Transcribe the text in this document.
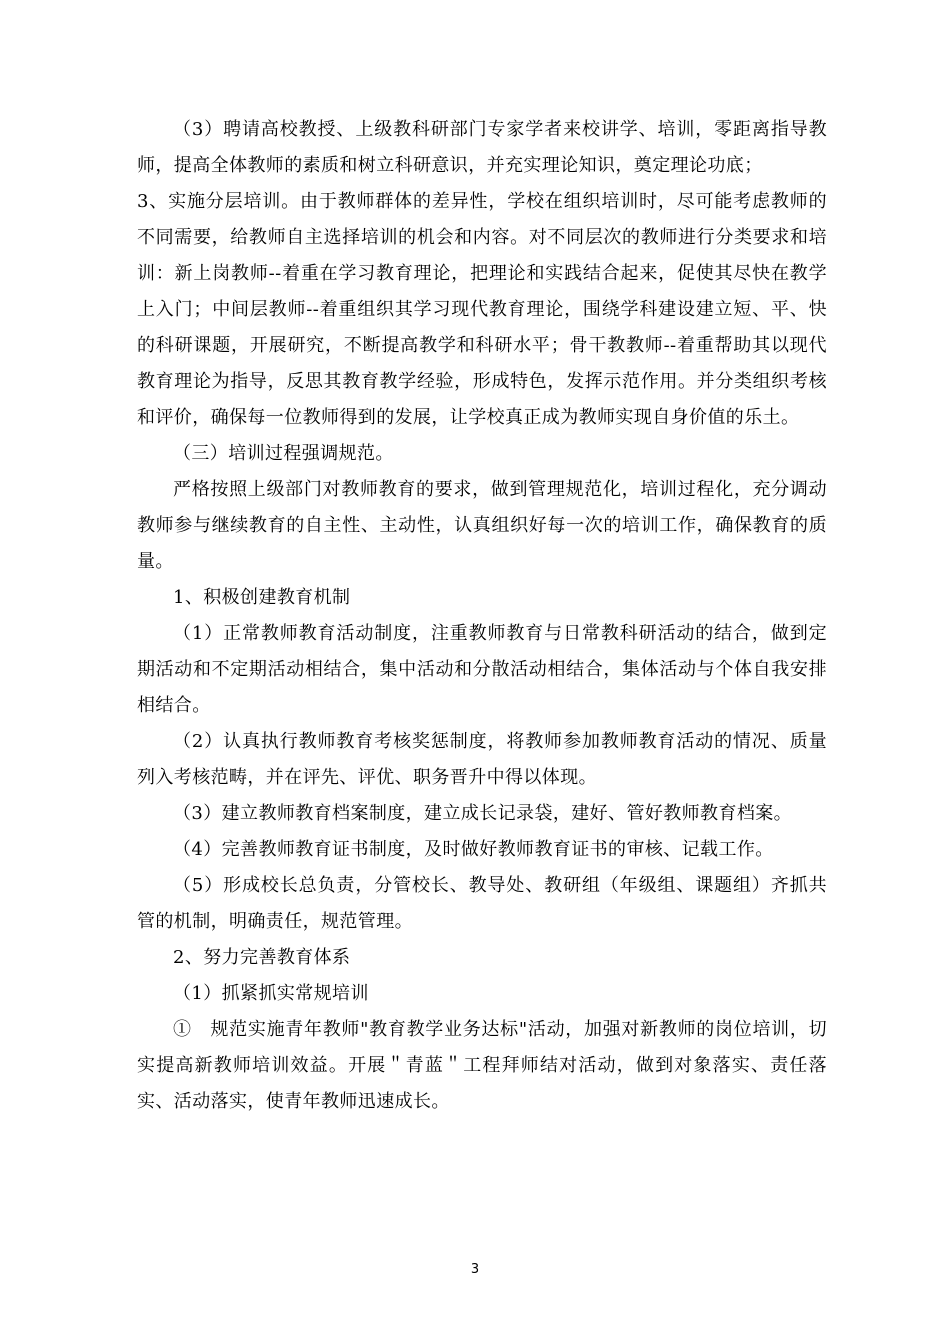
（3）聘请高校教授、上级教科研部门专家学者来校讲学、培训，零距离指导教师，提高全体教师的素质和树立科研意识，并充实理论知识，奠定理论功底；

3、实施分层培训。由于教师群体的差异性，学校在组织培训时，尽可能考虑教师的不同需要，给教师自主选择培训的机会和内容。对不同层次的教师进行分类要求和培训：新上岗教师--着重在学习教育理论，把理论和实践结合起来，促使其尽快在教学上入门；中间层教师--着重组织其学习现代教育理论，围绕学科建设建立短、平、快的科研课题，开展研究，不断提高教学和科研水平；骨干教教师--着重帮助其以现代教育理论为指导，反思其教育教学经验，形成特色，发挥示范作用。并分类组织考核和评价，确保每一位教师得到的发展，让学校真正成为教师实现自身价值的乐土。

（三）培训过程强调规范。

严格按照上级部门对教师教育的要求，做到管理规范化，培训过程化，充分调动教师参与继续教育的自主性、主动性，认真组织好每一次的培训工作，确保教育的质量。

1、积极创建教育机制

（1）正常教师教育活动制度，注重教师教育与日常教科研活动的结合，做到定期活动和不定期活动相结合，集中活动和分散活动相结合，集体活动与个体自我安排相结合。

（2）认真执行教师教育考核奖惩制度，将教师参加教师教育活动的情况、质量列入考核范畴，并在评先、评优、职务晋升中得以体现。

（3）建立教师教育档案制度，建立成长记录袋，建好、管好教师教育档案。

（4）完善教师教育证书制度，及时做好教师教育证书的审核、记载工作。

（5）形成校长总负责，分管校长、教导处、教研组（年级组、课题组）齐抓共管的机制，明确责任，规范管理。

2、努力完善教育体系

（1）抓紧抓实常规培训

①　规范实施青年教师"教育教学业务达标"活动，加强对新教师的岗位培训，切实提高新教师培训效益。开展＂青蓝＂工程拜师结对活动，做到对象落实、责任落实、活动落实，使青年教师迅速成长。

3
